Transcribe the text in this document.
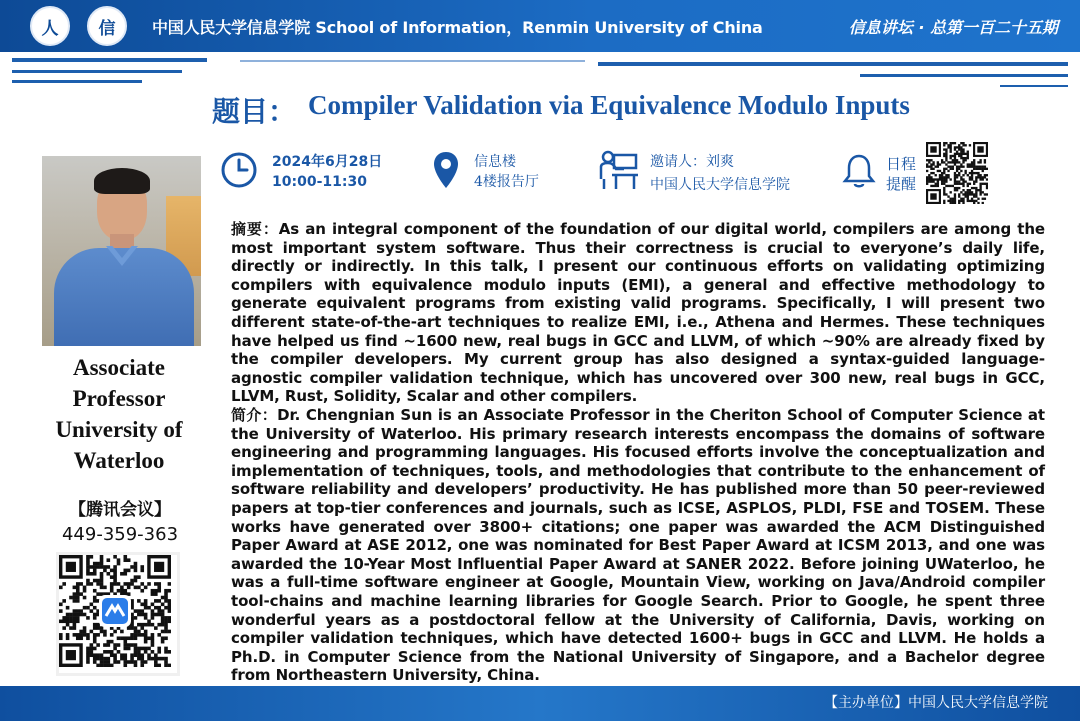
人	信	中国人民大学信息学院 School of Information，Renmin University of China	信息讲坛 · 总第一百二十五期
题目： Compiler Validation via Equivalence Modulo Inputs
Associate
Professor
University of
Waterloo
【腾讯会议】
449-359-363
2024年6月28日
10:00-11:30
信息楼
4楼报告厅
邀请人：刘爽
中国人民大学信息学院
日程
提醒
摘要：As an integral component of the foundation of our digital world, compilers are among the most important system software. Thus their correctness is crucial to everyone’s daily life, directly or indirectly. In this talk, I present our continuous efforts on validating optimizing compilers with equivalence modulo inputs (EMI), a general and effective methodology to generate equivalent programs from existing valid programs. Specifically, I will present two different state-of-the-art techniques to realize EMI, i.e., Athena and Hermes. These techniques have helped us find ~1600 new, real bugs in GCC and LLVM, of which ~90% are already fixed by the compiler developers. My current group has also designed a syntax-guided language-agnostic compiler validation technique, which has uncovered over 300 new, real bugs in GCC, LLVM, Rust, Solidity, Scalar and other compilers.
简介：Dr. Chengnian Sun is an Associate Professor in the Cheriton School of Computer Science at the University of Waterloo. His primary research interests encompass the domains of software engineering and programming languages. His focused efforts involve the conceptualization and implementation of techniques, tools, and methodologies that contribute to the enhancement of software reliability and developers’ productivity. He has published more than 50 peer-reviewed papers at top-tier conferences and journals, such as ICSE, ASPLOS, PLDI, FSE and TOSEM. These works have generated over 3800+ citations; one paper was awarded the ACM Distinguished Paper Award at ASE 2012, one was nominated for Best Paper Award at ICSM 2013, and one was awarded the 10-Year Most Influential Paper Award at SANER 2022. Before joining UWaterloo, he was a full-time software engineer at Google, Mountain View, working on Java/Android compiler tool-chains and machine learning libraries for Google Search. Prior to Google, he spent three wonderful years as a postdoctoral fellow at the University of California, Davis, working on compiler validation techniques, which have detected 1600+ bugs in GCC and LLVM. He holds a Ph.D. in Computer Science from the National University of Singapore, and a Bachelor degree from Northeastern University, China.
【主办单位】中国人民大学信息学院
